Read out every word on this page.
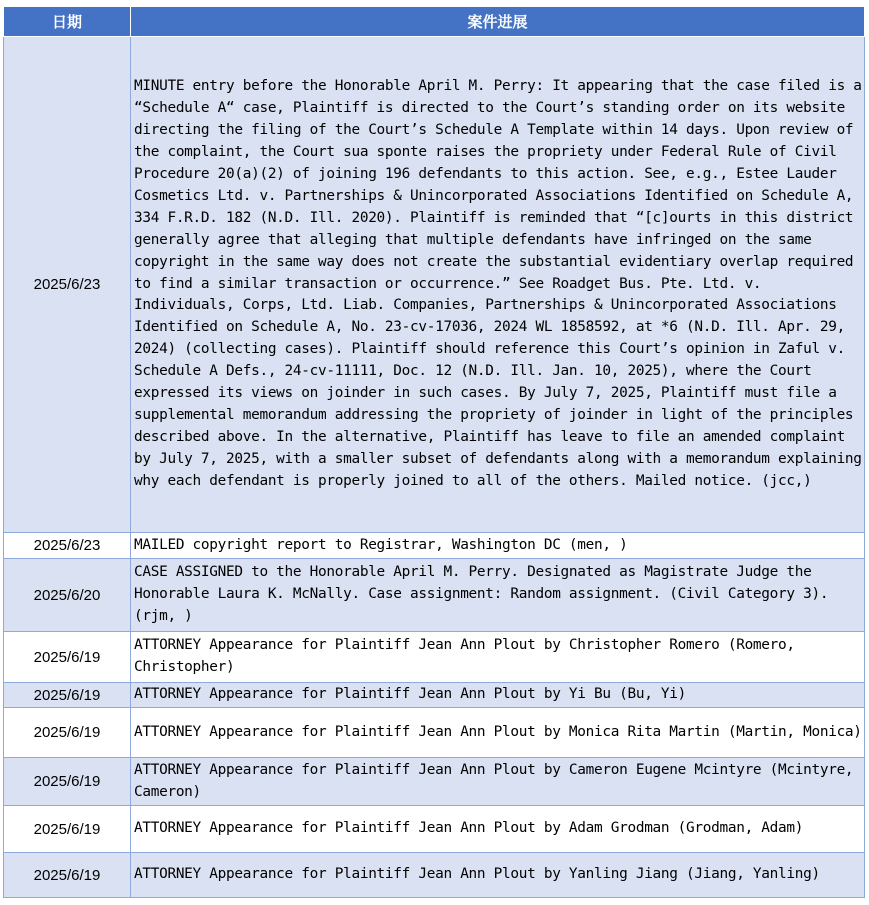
日期	案件进展
2025/6/23	MINUTE entry before the Honorable April M. Perry: It appearing that the case filed is a “Schedule A“ case, Plaintiff is directed to the Court’s standing order on its website directing the filing of the Court’s Schedule A Template within 14 days. Upon review of the complaint, the Court sua sponte raises the propriety under Federal Rule of Civil Procedure 20(a)(2) of joining 196 defendants to this action. See, e.g., Estee Lauder Cosmetics Ltd. v. Partnerships & Unincorporated Associations Identified on Schedule A, 334 F.R.D. 182 (N.D. Ill. 2020). Plaintiff is reminded that “[c]ourts in this district generally agree that alleging that multiple defendants have infringed on the same copyright in the same way does not create the substantial evidentiary overlap required to find a similar transaction or occurrence.” See Roadget Bus. Pte. Ltd. v. Individuals, Corps, Ltd. Liab. Companies, Partnerships & Unincorporated Associations Identified on Schedule A, No. 23-cv-17036, 2024 WL 1858592, at *6 (N.D. Ill. Apr. 29, 2024) (collecting cases). Plaintiff should reference this Court’s opinion in Zaful v. Schedule A Defs., 24-cv-11111, Doc. 12 (N.D. Ill. Jan. 10, 2025), where the Court expressed its views on joinder in such cases. By July 7, 2025, Plaintiff must file a supplemental memorandum addressing the propriety of joinder in light of the principles described above. In the alternative, Plaintiff has leave to file an amended complaint by July 7, 2025, with a smaller subset of defendants along with a memorandum explaining why each defendant is properly joined to all of the others. Mailed notice. (jcc,)
2025/6/23	MAILED copyright report to Registrar, Washington DC (men, )
2025/6/20	CASE ASSIGNED to the Honorable April M. Perry. Designated as Magistrate Judge the Honorable Laura K. McNally. Case assignment: Random assignment. (Civil Category 3). (rjm, )
2025/6/19	ATTORNEY Appearance for Plaintiff Jean Ann Plout by Christopher Romero (Romero, Christopher)
2025/6/19	ATTORNEY Appearance for Plaintiff Jean Ann Plout by Yi Bu (Bu, Yi)
2025/6/19	ATTORNEY Appearance for Plaintiff Jean Ann Plout by Monica Rita Martin (Martin, Monica)
2025/6/19	ATTORNEY Appearance for Plaintiff Jean Ann Plout by Cameron Eugene Mcintyre (Mcintyre, Cameron)
2025/6/19	ATTORNEY Appearance for Plaintiff Jean Ann Plout by Adam Grodman (Grodman, Adam)
2025/6/19	ATTORNEY Appearance for Plaintiff Jean Ann Plout by Yanling Jiang (Jiang, Yanling)
